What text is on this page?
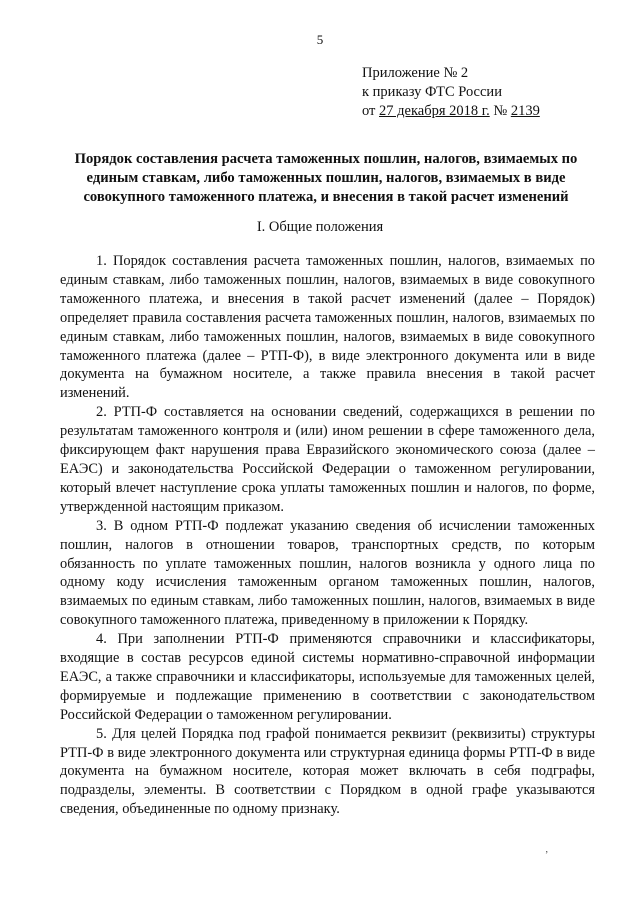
5
Приложение № 2
к приказу ФТС России
от 27 декабря 2018 г. № 2139
Порядок составления расчета таможенных пошлин, налогов, взимаемых по единым ставкам, либо таможенных пошлин, налогов, взимаемых в виде совокупного таможенного платежа, и внесения в такой расчет изменений
I. Общие положения

1. Порядок составления расчета таможенных пошлин, налогов, взимаемых по единым ставкам, либо таможенных пошлин, налогов, взимаемых в виде совокупного таможенного платежа, и внесения в такой расчет изменений (далее – Порядок) определяет правила составления расчета таможенных пошлин, налогов, взимаемых по единым ставкам, либо таможенных пошлин, налогов, взимаемых в виде совокупного таможенного платежа (далее – РТП-Ф), в виде электронного документа или в виде документа на бумажном носителе, а также правила внесения в такой расчет изменений.

2. РТП-Ф составляется на основании сведений, содержащихся в решении по результатам таможенного контроля и (или) ином решении в сфере таможенного дела, фиксирующем факт нарушения права Евразийского экономического союза (далее – ЕАЭС) и законодательства Российской Федерации о таможенном регулировании, который влечет наступление срока уплаты таможенных пошлин и налогов, по форме, утвержденной настоящим приказом.

3. В одном РТП-Ф подлежат указанию сведения об исчислении таможенных пошлин, налогов в отношении товаров, транспортных средств, по которым обязанность по уплате таможенных пошлин, налогов возникла у одного лица по одному коду исчисления таможенным органом таможенных пошлин, налогов, взимаемых по единым ставкам, либо таможенных пошлин, налогов, взимаемых в виде совокупного таможенного платежа, приведенному в приложении к Порядку.

4. При заполнении РТП-Ф применяются справочники и классификаторы, входящие в состав ресурсов единой системы нормативно-справочной информации ЕАЭС, а также справочники и классификаторы, используемые для таможенных целей, формируемые и подлежащие применению в соответствии с законодательством Российской Федерации о таможенном регулировании.

5. Для целей Порядка под графой понимается реквизит (реквизиты) структуры РТП-Ф в виде электронного документа или структурная единица формы РТП-Ф в виде документа на бумажном носителе, которая может включать в себя подграфы, подразделы, элементы. В соответствии с Порядком в одной графе указываются сведения, объединенные по одному признаку.

ʼ
